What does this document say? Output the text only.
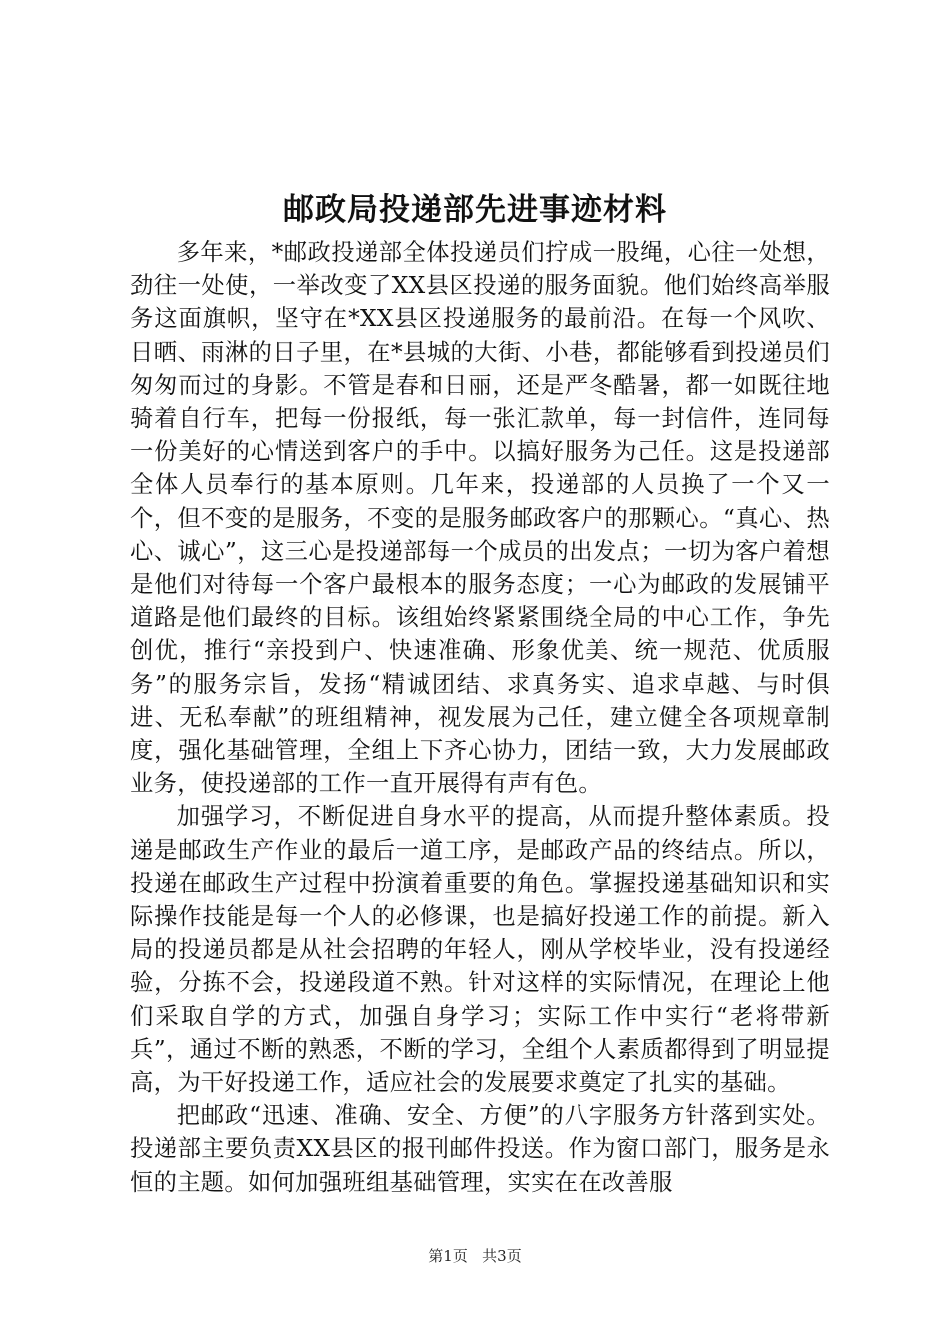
邮政局投递部先进事迹材料

多年来，*邮政投递部全体投递员们拧成一股绳，心往一处想，劲往一处使，一举改变了XX县区投递的服务面貌。他们始终高举服务这面旗帜，坚守在*XX县区投递服务的最前沿。在每一个风吹、日晒、雨淋的日子里，在*县城的大街、小巷，都能够看到投递员们匆匆而过的身影。不管是春和日丽，还是严冬酷暑，都一如既往地骑着自行车，把每一份报纸，每一张汇款单，每一封信件，连同每一份美好的心情送到客户的手中。以搞好服务为己任。这是投递部全体人员奉行的基本原则。几年来，投递部的人员换了一个又一个，但不变的是服务，不变的是服务邮政客户的那颗心。“真心、热心、诚心”，这三心是投递部每一个成员的出发点；一切为客户着想是他们对待每一个客户最根本的服务态度；一心为邮政的发展铺平道路是他们最终的目标。该组始终紧紧围绕全局的中心工作，争先创优，推行“亲投到户、快速准确、形象优美、统一规范、优质服务”的服务宗旨，发扬“精诚团结、求真务实、追求卓越、与时俱进、无私奉献”的班组精神，视发展为己任，建立健全各项规章制度，强化基础管理，全组上下齐心协力，团结一致，大力发展邮政业务，使投递部的工作一直开展得有声有色。

加强学习，不断促进自身水平的提高，从而提升整体素质。投递是邮政生产作业的最后一道工序，是邮政产品的终结点。所以，投递在邮政生产过程中扮演着重要的角色。掌握投递基础知识和实际操作技能是每一个人的必修课，也是搞好投递工作的前提。新入局的投递员都是从社会招聘的年轻人，刚从学校毕业，没有投递经验，分拣不会，投递段道不熟。针对这样的实际情况，在理论上他们采取自学的方式，加强自身学习；实际工作中实行“老将带新兵”，通过不断的熟悉，不断的学习，全组个人素质都得到了明显提高，为干好投递工作，适应社会的发展要求奠定了扎实的基础。

把邮政“迅速、准确、安全、方便”的八字服务方针落到实处。投递部主要负责XX县区的报刊邮件投送。作为窗口部门，服务是永恒的主题。如何加强班组基础管理，实实在在改善服

第1页 共3页
